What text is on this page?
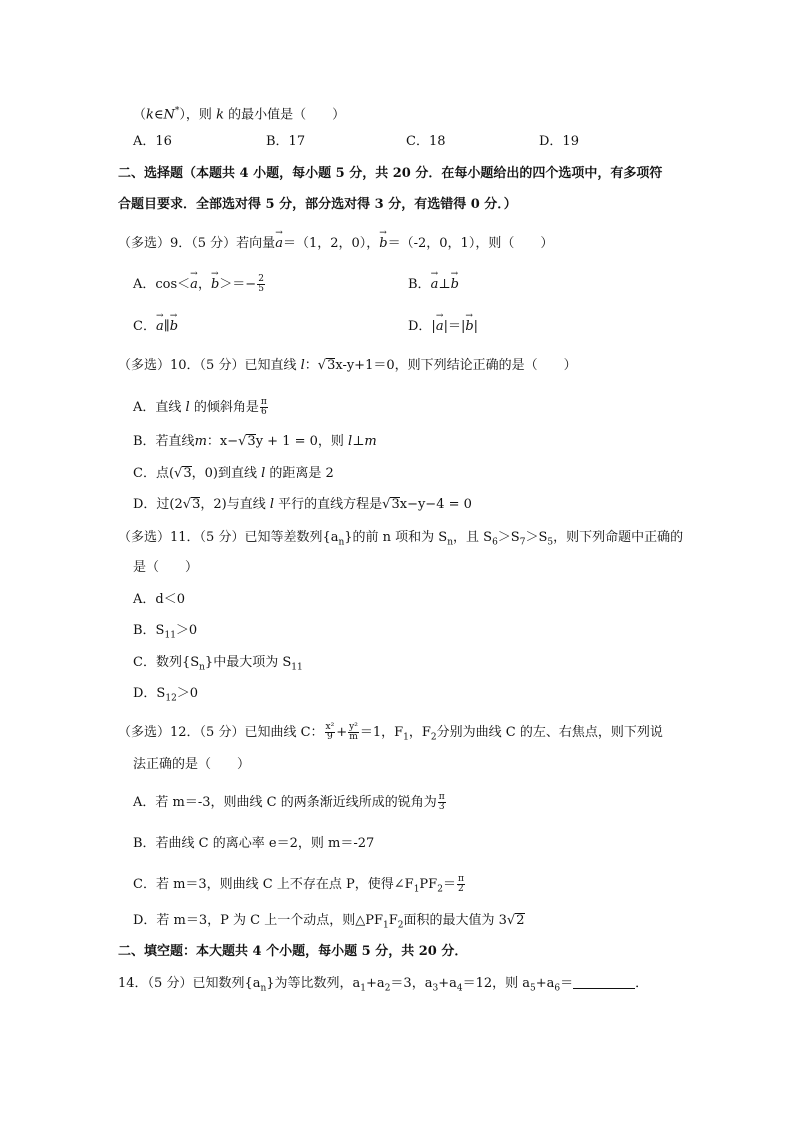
（k∈N*），则 k 的最小值是（　　）
A．16	B．17	C．18	D．19
二、选择题（本题共 4 小题，每小题 5 分，共 20 分．在每小题给出的四个选项中，有多项符
合题目要求．全部选对得 5 分，部分选对得 3 分，有选错得 0 分．）
（多选）9．（5 分）若向量→ a＝（1，2，0），→ b＝（-2，0，1），则（　　）
A．cos＜→ a，→ $b>=- \frac{2}{5}$	B．→ a⊥→ b
C．→ a∥→ b	D．|→ a|＝|→ b|
（多选）10．（5 分）已知直线 l：√3x-y+1＝0，则下列结论正确的是（　　）
A．直线 l 的倾斜角是 $\frac{\pi}{6}$
B．若直线m：x−√3y + 1 = 0，则 l⊥m
C．点(√3，0)到直线 l 的距离是 2
D．过(2√3，2)与直线 l 平行的直线方程是√3x−y−4 = 0
（多选）11．（5 分）已知等差数列$\{a_n\}$的前 n 项和为 $S_n$，且 $S_6>S_7>S_5$，则下列命题中正确的
是（　　）
A．d＜0
B．$S_{11}>0$
C．数列$\{S_n\}$中最大项为 $S_{11}$
D．$S_{12}>0$
（多选）12．（5 分）已知曲线 C： $\frac{\text{x²}}{9} + \frac{\text{y²}}{m} =1$，$F_1$，$F_2$分别为曲线 C 的左、右焦点，则下列说
法正确的是（　　）
A．若 m＝-3，则曲线 C 的两条渐近线所成的锐角为 $\frac{\pi}{3}$
B．若曲线 C 的离心率 e＝2，则 m＝-27
C．若 m＝3，则曲线 C 上不存在点 P，使得$\angle F_1PF_2= \frac{\pi}{2}$
D．若 m＝3，P 为 C 上一个动点，则$\triangle PF_1F_2$面积的最大值为 3√2
二、填空题：本大题共 4 个小题，每小题 5 分，共 20 分．
14．（5 分）已知数列$\{a_n\}$为等比数列，$a_1+a_2=3$，$a_3+a_4=12$，则 $a_5+a_6=$	．
